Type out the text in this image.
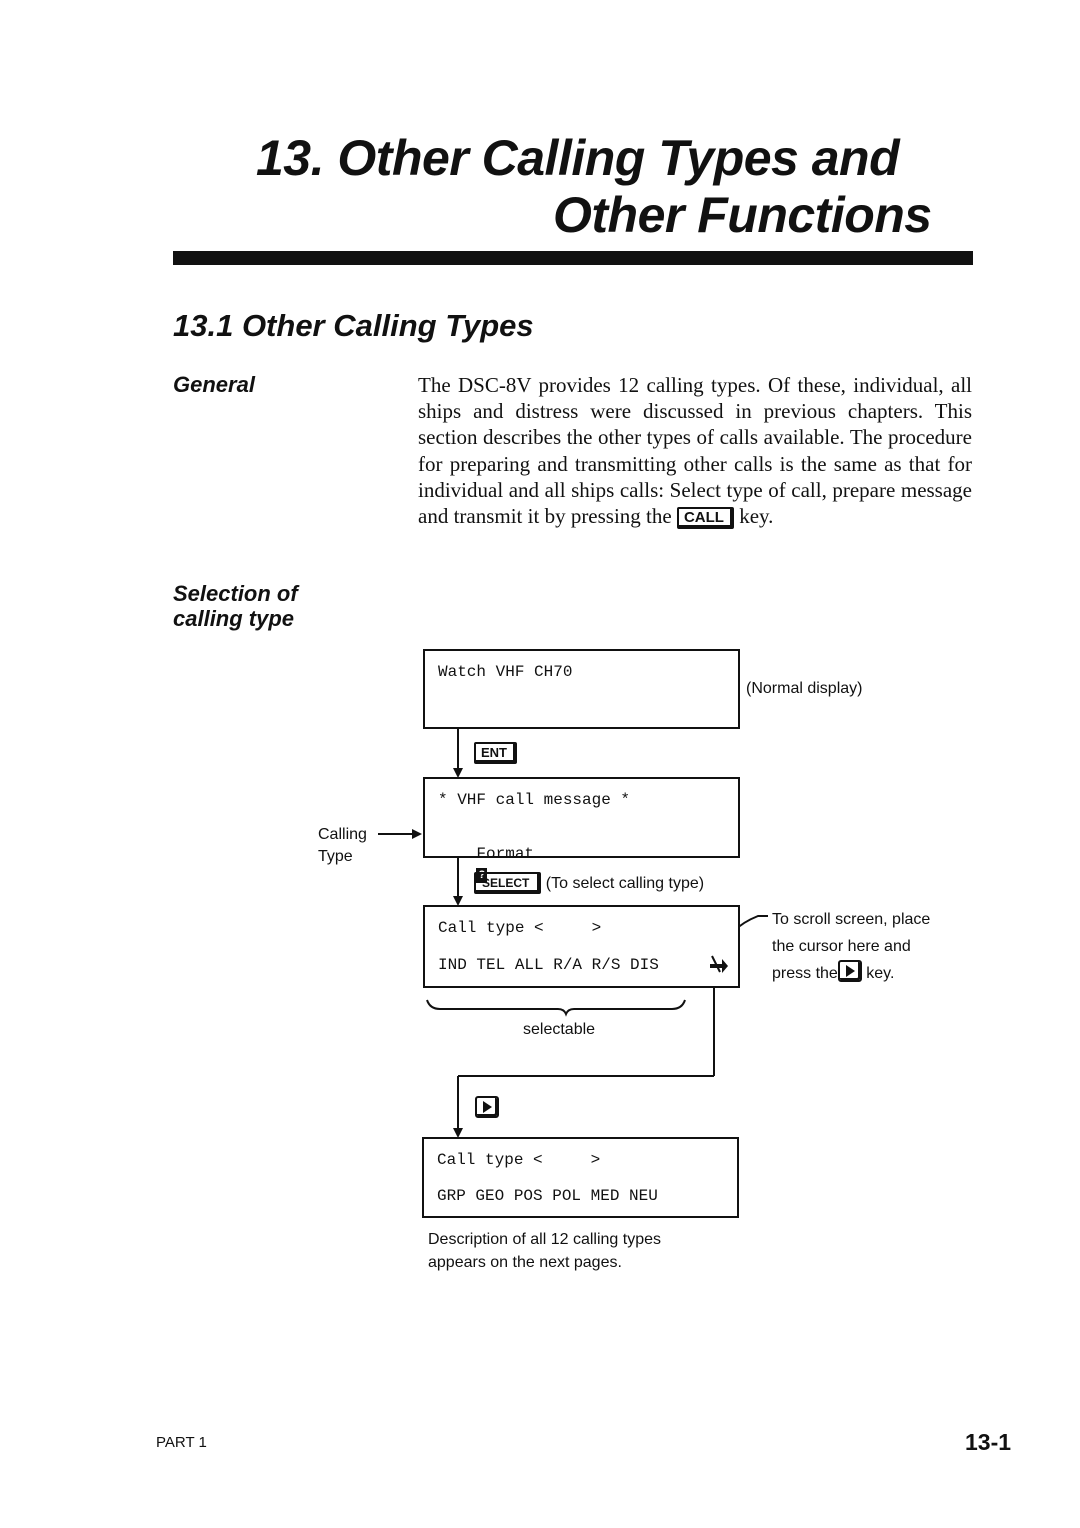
13. Other Calling Types and
Other Functions
13.1 Other Calling Types
General	The DSC-8V provides 12 calling types. Of these, individual, all ships and distress were discussed in previous chapters. This section describes the other types of calls available. The procedure for preparing and transmitting other calls is the same as that for individual and all ships calls: Select type of call, prepare message and transmit it by pressing the CALL key.
Selection of
calling type
Watch VHF CH70
(Normal display)
ENT
* VHF call message *

Format
?

Calling
Type
SELECT (To select calling type)
Call type <     >
IND TEL ALL R/A R/S DIS
To scroll screen, place
the cursor here and
press the key.
selectable
Call type <     >
GRP GEO POS POL MED NEU
Description of all 12 calling types
appears on the next pages.
PART 1	13-1
